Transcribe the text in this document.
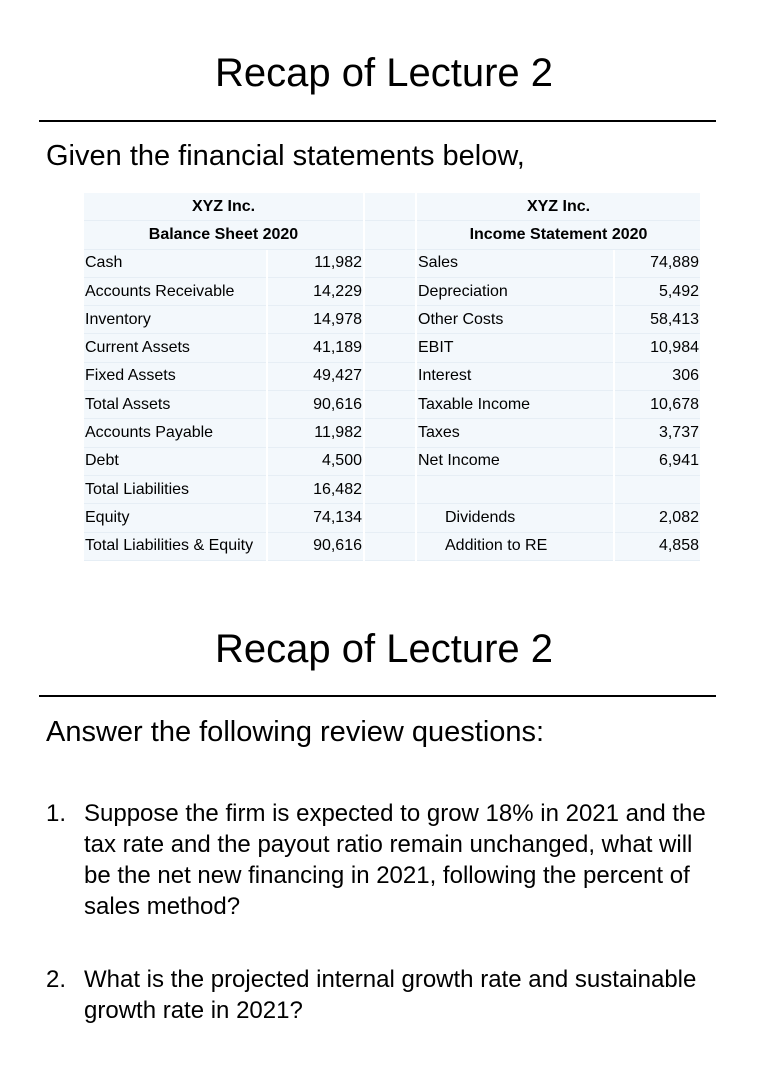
Recap of Lecture 2
Given the financial statements below,
XYZ Inc.			XYZ Inc.	
Balance Sheet 2020			Income Statement 2020	
Cash	11,982		Sales	74,889
Accounts Receivable	14,229		Depreciation	5,492
Inventory	14,978		Other Costs	58,413
Current Assets	41,189		EBIT	10,984
Fixed Assets	49,427		Interest	306
Total Assets	90,616		Taxable Income	10,678
Accounts Payable	11,982		Taxes	3,737
Debt	4,500		Net Income	6,941
Total Liabilities	16,482			
Equity	74,134		Dividends	2,082
Total Liabilities & Equity	90,616		Addition to RE	4,858
Recap of Lecture 2
Answer the following review questions:
1. Suppose the firm is expected to grow 18% in 2021 and the tax rate and the payout ratio remain unchanged, what will be the net new financing in 2021, following the percent of sales method?
2. What is the projected internal growth rate and sustainable growth rate in 2021?
